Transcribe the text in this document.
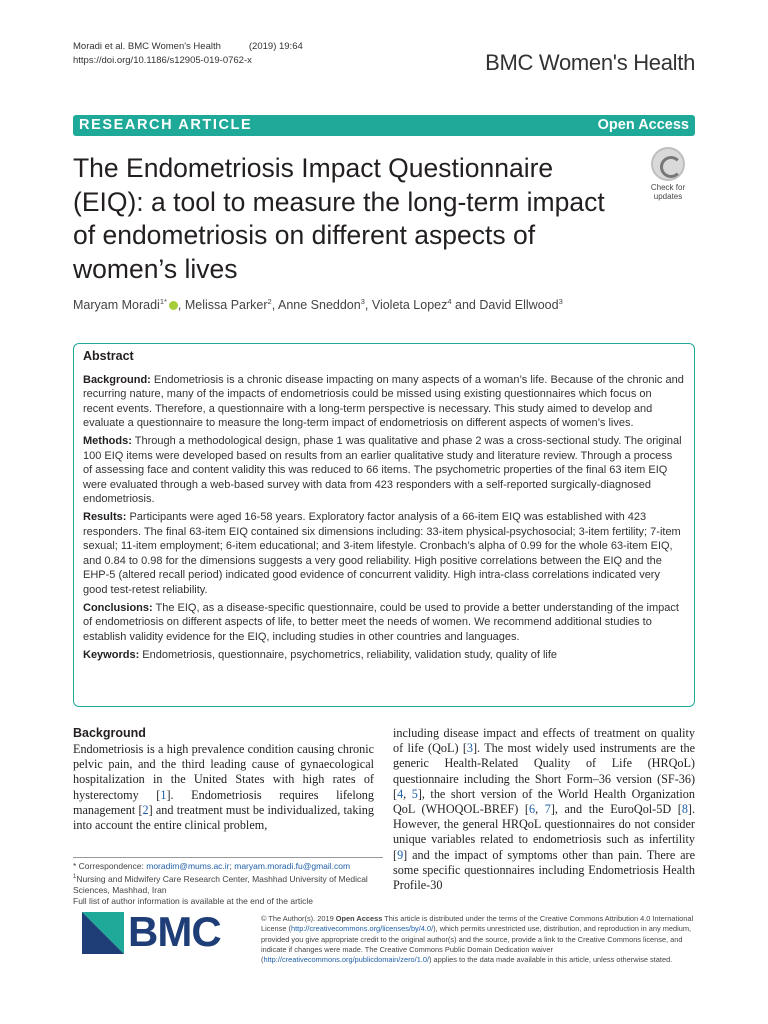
Moradi et al. BMC Women's Health	(2019) 19:64
https://doi.org/10.1186/s12905-019-0762-x	BMC Women's Health
RESEARCH ARTICLE	Open Access
The Endometriosis Impact Questionnaire (EIQ): a tool to measure the long-term impact of endometriosis on different aspects of women’s lives
Check for
updates
Maryam Moradi$^{1*}$ , Melissa Parker$^2$, Anne Sneddon$^3$, Violeta Lopez$^4$ and David Ellwood$^3$
Abstract

Background: Endometriosis is a chronic disease impacting on many aspects of a woman’s life. Because of the chronic and recurring nature, many of the impacts of endometriosis could be missed using existing questionnaires which focus on recent events. Therefore, a questionnaire with a long-term perspective is necessary. This study aimed to develop and evaluate a questionnaire to measure the long-term impact of endometriosis on different aspects of women’s lives.

Methods: Through a methodological design, phase 1 was qualitative and phase 2 was a cross-sectional study. The original 100 EIQ items were developed based on results from an earlier qualitative study and literature review. Through a process of assessing face and content validity this was reduced to 66 items. The psychometric properties of the final 63 item EIQ were evaluated through a web-based survey with data from 423 responders with a self-reported surgically-diagnosed endometriosis.

Results: Participants were aged 16-58 years. Exploratory factor analysis of a 66-item EIQ was established with 423 responders. The final 63-item EIQ contained six dimensions including: 33-item physical-psychosocial; 3-item fertility; 7-item sexual; 11-item employment; 6-item educational; and 3-item lifestyle. Cronbach’s alpha of 0.99 for the whole 63-item EIQ, and 0.84 to 0.98 for the dimensions suggests a very good reliability. High positive correlations between the EIQ and the EHP-5 (altered recall period) indicated good evidence of concurrent validity. High intra-class correlations indicated very good test-retest reliability.

Conclusions: The EIQ, as a disease-specific questionnaire, could be used to provide a better understanding of the impact of endometriosis on different aspects of life, to better meet the needs of women. We recommend additional studies to establish validity evidence for the EIQ, including studies in other countries and languages.

Keywords: Endometriosis, questionnaire, psychometrics, reliability, validation study, quality of life

Background
Endometriosis is a high prevalence condition causing chronic pelvic pain, and the third leading cause of gynaecological hospitalization in the United States with high rates of hysterectomy [1]. Endometriosis requires lifelong management [2] and treatment must be individualized, taking into account the entire clinical problem,
including disease impact and effects of treatment on quality of life (QoL) [3]. The most widely used instruments are the generic Health-Related Quality of Life (HRQoL) questionnaire including the Short Form–36 version (SF-36) [4, 5], the short version of the World Health Organization QoL (WHOQOL-BREF) [6, 7], and the EuroQol-5D [8]. However, the general HRQoL questionnaires do not consider unique variables related to endometriosis such as infertility [9] and the impact of symptoms other than pain. There are some specific questionnaires including Endometriosis Health Profile-30
* Correspondence: moradim@mums.ac.ir; maryam.moradi.fu@gmail.com
$^1$Nursing and Midwifery Care Research Center, Mashhad University of Medical Sciences, Mashhad, Iran
Full list of author information is available at the end of the article
BMC	© The Author(s). 2019 Open Access This article is distributed under the terms of the Creative Commons Attribution 4.0 International License (http://creativecommons.org/licenses/by/4.0/), which permits unrestricted use, distribution, and reproduction in any medium, provided you give appropriate credit to the original author(s) and the source, provide a link to the Creative Commons license, and indicate if changes were made. The Creative Commons Public Domain Dedication waiver (http://creativecommons.org/publicdomain/zero/1.0/) applies to the data made available in this article, unless otherwise stated.
